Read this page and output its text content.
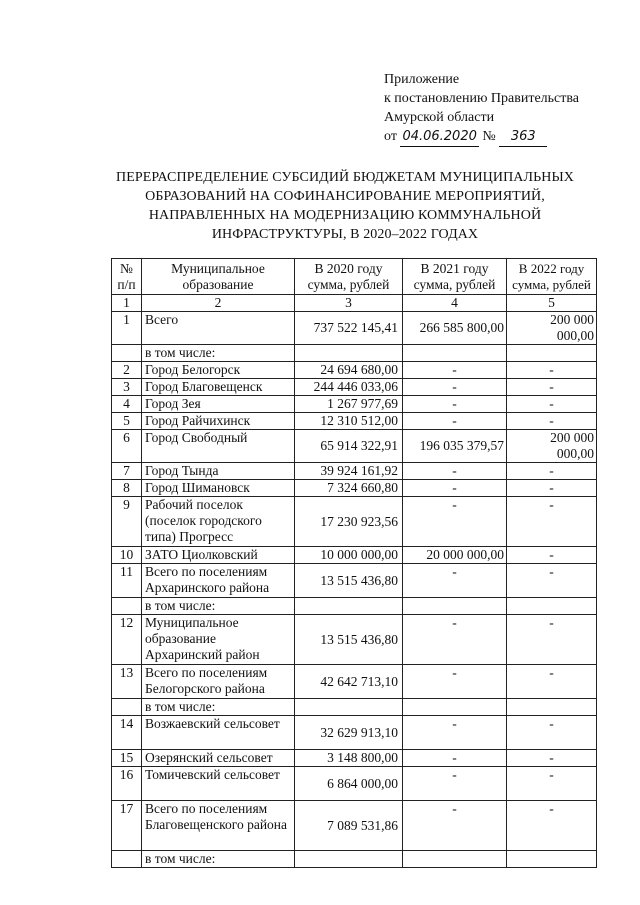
Приложение
к постановлению Правительства
Амурской области
от 04.06.2020 № 363
ПЕРЕРАСПРЕДЕЛЕНИЕ СУБСИДИЙ БЮДЖЕТАМ МУНИЦИПАЛЬНЫХ
ОБРАЗОВАНИЙ НА СОФИНАНСИРОВАНИЕ МЕРОПРИЯТИЙ,
НАПРАВЛЕННЫХ НА МОДЕРНИЗАЦИЮ КОММУНАЛЬНОЙ
ИНФРАСТРУКТУРЫ, В 2020–2022 ГОДАХ
№ п/п	Муниципальное образование	В 2020 году сумма, рублей	В 2021 году сумма, рублей	В 2022 году сумма, рублей
1	2	3	4	5
1	Всего	737 522 145,41	266 585 800,00	200 000 000,00
	в том числе:			
2	Город Белогорск	24 694 680,00	-	-
3	Город Благовещенск	244 446 033,06	-	-
4	Город Зея	1 267 977,69	-	-
5	Город Райчихинск	12 310 512,00	-	-
6	Город Свободный	65 914 322,91	196 035 379,57	200 000 000,00
7	Город Тында	39 924 161,92	-	-
8	Город Шимановск	7 324 660,80	-	-
9	Рабочий поселок (поселок городского типа) Прогресс	17 230 923,56	-	-
10	ЗАТО Циолковский	10 000 000,00	20 000 000,00	-
11	Всего по поселениям Архаринского района	13 515 436,80	-	-
	в том числе:			
12	Муниципальное образование Архаринский район	13 515 436,80	-	-
13	Всего по поселениям Белогорского района	42 642 713,10	-	-
	в том числе:			
14	Возжаевский сельсовет	32 629 913,10	-	-
15	Озерянский сельсовет	3 148 800,00	-	-
16	Томичевский сельсовет	6 864 000,00	-	-
17	Всего по поселениям Благовещенского района	7 089 531,86	-	-
	в том числе:			
